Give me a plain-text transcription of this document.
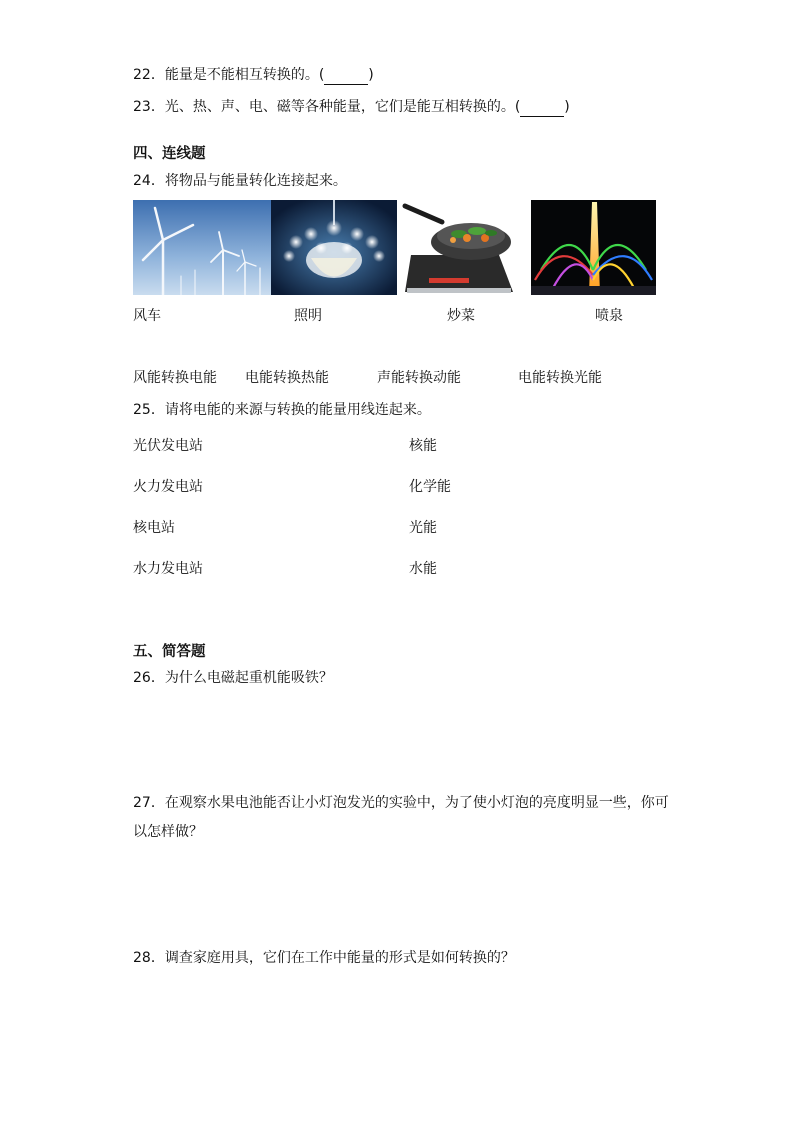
22．能量是不能相互转换的。(	)
23．光、热、声、电、磁等各种能量，它们是能互相转换的。(	)
四、连线题
24．将物品与能量转化连接起来。
风车	照明	炒菜	喷泉
风能转换电能 电能转换热能	声能转换动能	电能转换光能
25．请将电能的来源与转换的能量用线连起来。
光伏发电站
火力发电站
核电站
水力发电站
核能
化学能
光能
水能
五、简答题
26．为什么电磁起重机能吸铁？
27．在观察水果电池能否让小灯泡发光的实验中，为了使小灯泡的亮度明显一些，你可
以怎样做？
28．调查家庭用具，它们在工作中能量的形式是如何转换的？
